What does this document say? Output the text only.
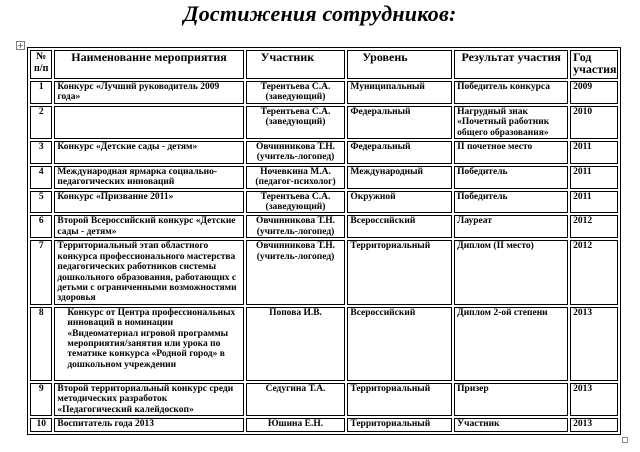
Достижения сотрудников:
+
№ п/п	Наименование мероприятия	Участник	Уровень	Результат участия	Год участия
1	Конкурс «Лучший руководитель 2009 года»	Терентьева С.А. (заведующий)	Муниципальный	Победитель конкурса	2009
2		Терентьева С.А. (заведующий)	Федеральный	Нагрудный знак «Почетный работник общего образования»	2010
3	Конкурс «Детские сады - детям»	Овчинникова Т.Н. (учитель-логопед)	Федеральный	II почетное место	2011
4	Международная ярмарка социально-педагогических инноваций	Ночевкина М.А. (педагог-психолог)	Международный	Победитель	2011
5	Конкурс «Призвание 2011»	Терентьева С.А. (заведующий)	Окружной	Победитель	2011
6	Второй Всероссийский конкурс «Детские сады - детям»	Овчинникова Т.Н. (учитель-логопед)	Всероссийский	Лауреат	2012
7	Территориальный этап областного конкурса профессионального мастерства педагогических работников системы дошкольного образования, работающих с детьми с ограниченными возможностями здоровья	Овчинникова Т.Н. (учитель-логопед)	Территориальный	Диплом (II место)	2012
8	Конкурс от Центра профессиональных инноваций в номинации «Видеоматериал игровой программы мероприятия/занятия или урока по тематике конкурса «Родной город» в дошкольном учреждении	Попова И.В.	Всероссийский	Диплом 2-ой степени	2013
9	Второй территориальный конкурс среди методических разработок «Педагогический калейдоскоп»	Седугина Т.А.	Территориальный	Призер	2013
10	Воспитатель года 2013	Юшина Е.Н.	Территориальный	Участник	2013
